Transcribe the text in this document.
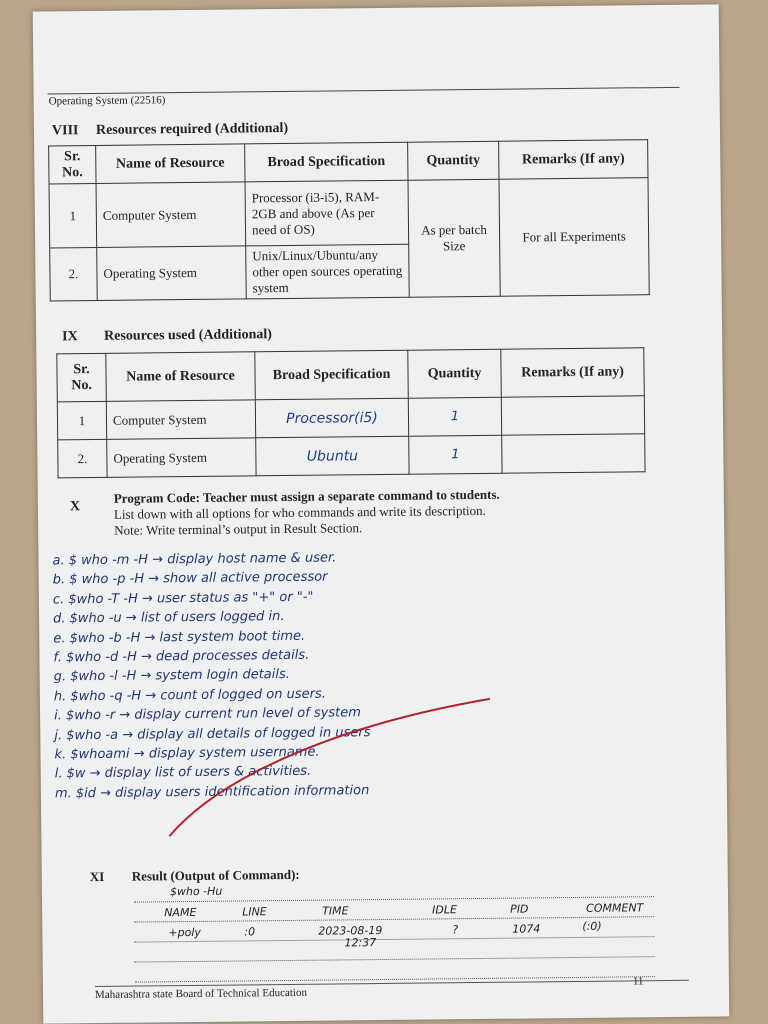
Operating System (22516)
VIII Resources required (Additional)
Sr. No.	Name of Resource	Broad Specification	Quantity	Remarks (If any)
1	Computer System	Processor (i3-i5), RAM-2GB and above (As per need of OS)	As per batch Size	For all Experiments
2.	Operating System	Unix/Linux/Ubuntu/any other open sources operating system		
IX Resources used (Additional)
Sr. No.	Name of Resource	Broad Specification	Quantity	Remarks (If any)
1	Computer System	Processor(i5)	1	
2.	Operating System	Ubuntu	1	
X
Program Code: Teacher must assign a separate command to students.
List down with all options for who commands and write its description.
Note: Write terminal’s output in Result Section.
a. $ who -m -H → display host name & user.
b. $ who -p -H → show all active processor
c. $who -T -H → user status as "+" or "-"
d. $who -u → list of users logged in.
e. $who -b -H → last system boot time.
f. $who -d -H → dead processes details.
g. $who -l -H → system login details.
h. $who -q -H → count of logged on users.
i. $who -r → display current run level of system
j. $who -a → display all details of logged in users
k. $whoami → display system username.
l. $w → display list of users & activities.
m. $id → display users identification information
XI Result (Output of Command):
$who -Hu
NAME	LINE	TIME	IDLE	PID	COMMENT
+poly	:0	2023-08-19	?	1074	(:0)
12:37
Maharashtra state Board of Technical Education
11
